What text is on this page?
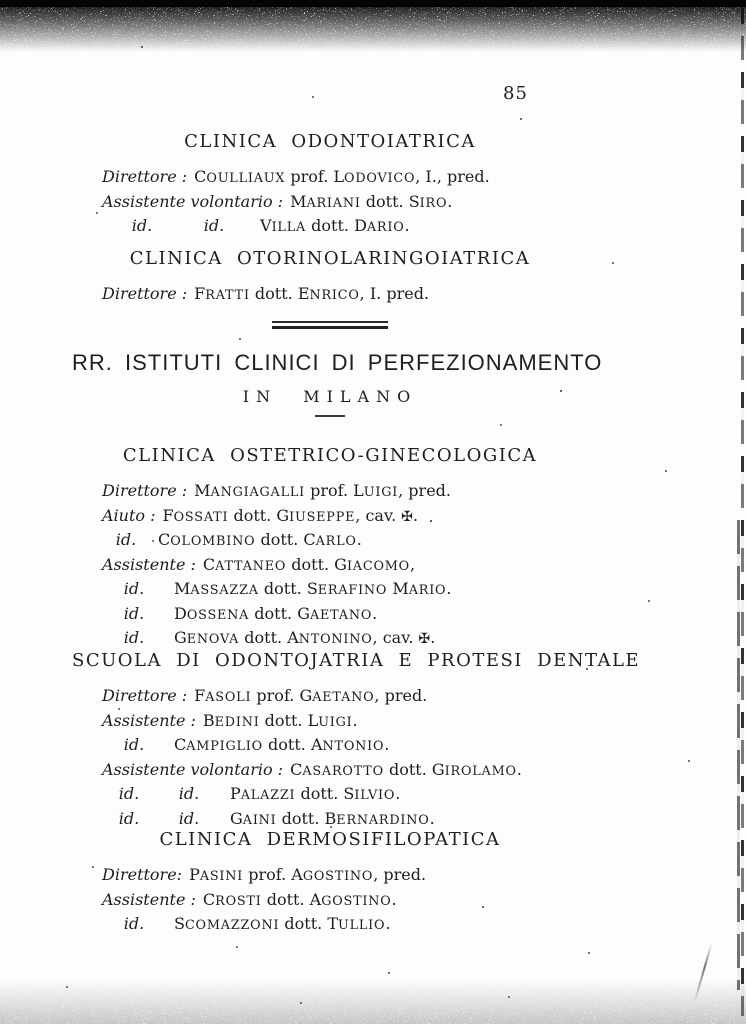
85
CLINICA ODONTOIATRICA
Direttore : COULLIAUX prof. LODOVICO, I., pred.
Assistente volontario : MARIANI dott. SIRO.
id.	id. VILLA dott. DARIO.
CLINICA OTORINOLARINGOIATRICA
Direttore : FRATTI dott. ENRICO, I. pred.
RR. ISTITUTI CLINICI DI PERFEZIONAMENTO
IN MILANO
CLINICA OSTETRICO-GINECOLOGICA
Direttore : MANGIAGALLI prof. LUIGI, pred.
Aiuto : FOSSATI dott. GIUSEPPE, cav. ✠.
id. COLOMBINO dott. CARLO.
Assistente : CATTANEO dott. GIACOMO,
id. MASSAZZA dott. SERAFINO MARIO.
id. DOSSENA dott. GAETANO.
id. GENOVA dott. ANTONINO, cav. ✠.
SCUOLA DI ODONTOJATRIA E PROTESI DENTALE
Direttore : FASOLI prof. GAETANO, pred.
Assistente : BEDINI dott. LUIGI.
id. CAMPIGLIO dott. ANTONIO.
Assistente volontario : CASAROTTO dott. GIROLAMO.
id. id. PALAZZI dott. SILVIO.
id. id. GAINI dott. BERNARDINO.
CLINICA DERMOSIFILOPATICA
Direttore: PASINI prof. AGOSTINO, pred.
Assistente : CROSTI dott. AGOSTINO.
id. SCOMAZZONI dott. TULLIO.
